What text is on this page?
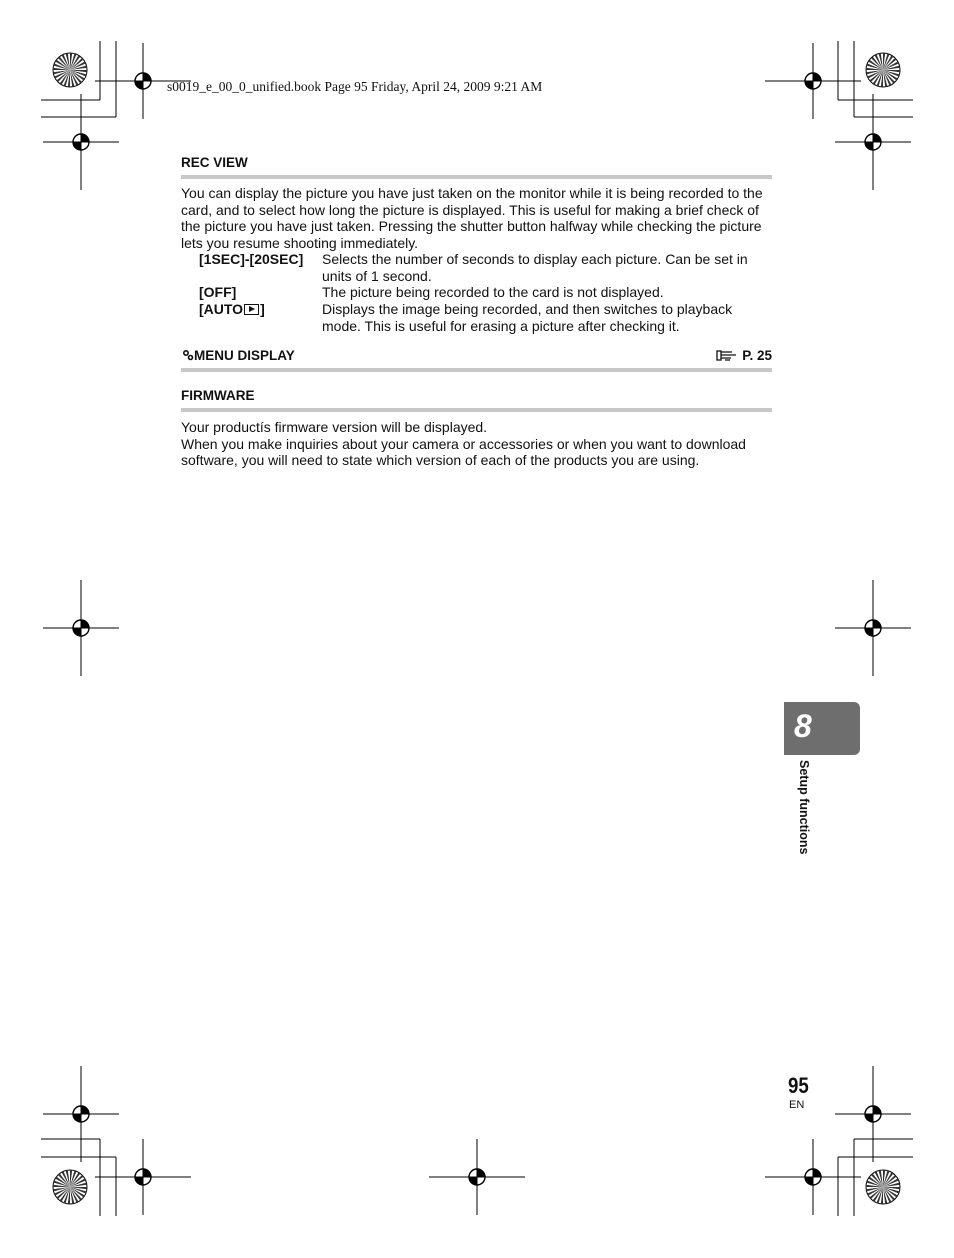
s0019_e_00_0_unified.book Page 95 Friday, April 24, 2009 9:21 AM
REC VIEW
You can display the picture you have just taken on the monitor while it is being recorded to the card, and to select how long the picture is displayed. This is useful for making a brief check of the picture you have just taken. Pressing the shutter button halfway while checking the picture lets you resume shooting immediately.
[1SEC]-[20SEC] Selects the number of seconds to display each picture. Can be set in units of 1 second.
[OFF]	The picture being recorded to the card is not displayed.
[AUTO ]	Displays the image being recorded, and then switches to playback mode. This is useful for erasing a picture after checking it.
MENU DISPLAY	P. 25
FIRMWARE

Your productís firmware version will be displayed.

When you make inquiries about your camera or accessories or when you want to download software, you will need to state which version of each of the products you are using.

8
Setup functions
95
EN
